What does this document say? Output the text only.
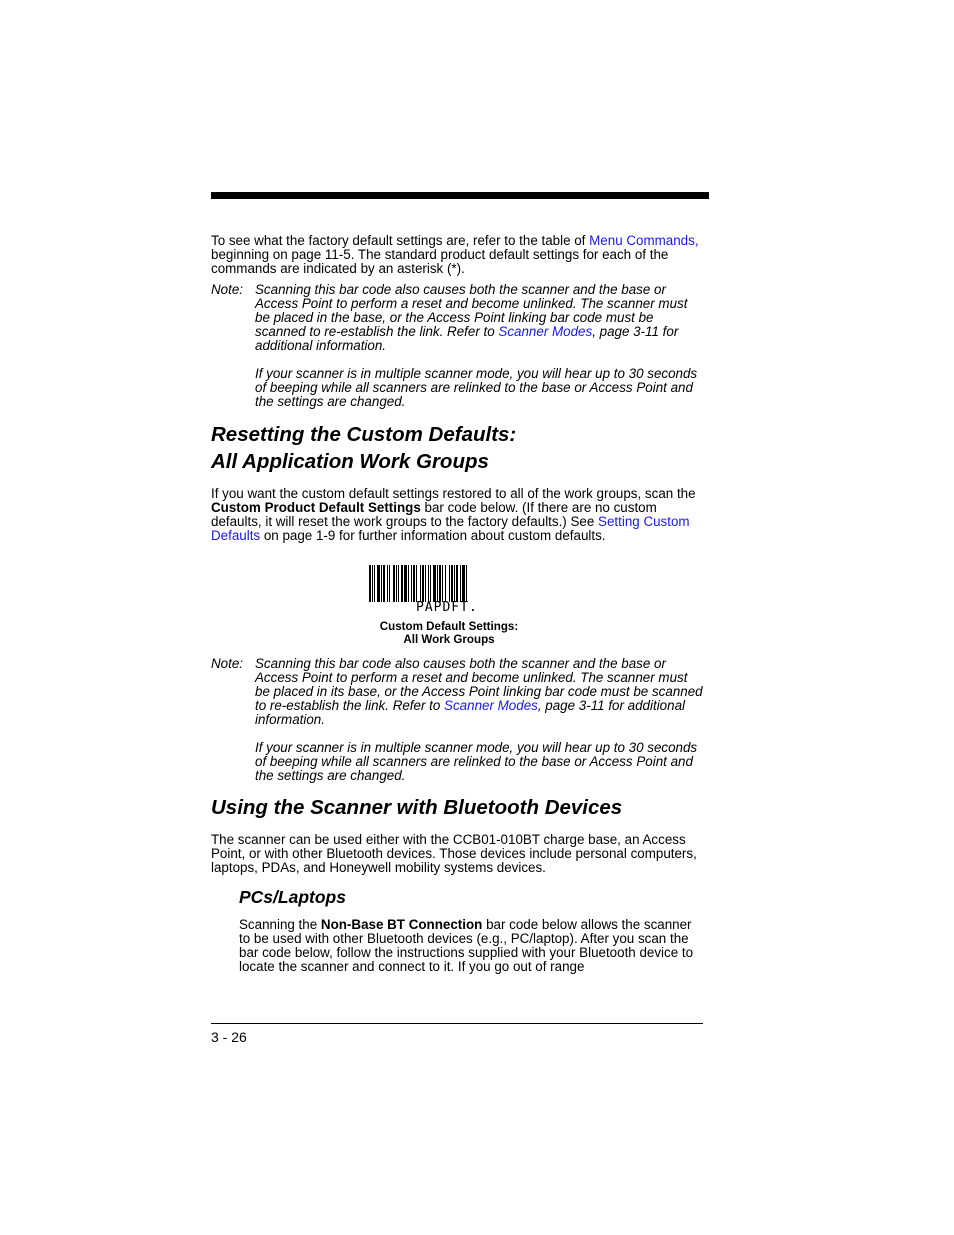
To see what the factory default settings are, refer to the table of Menu Commands, beginning on page 11-5. The standard product default settings for each of the commands are indicated by an asterisk (*).
Note: Scanning this bar code also causes both the scanner and the base or Access Point to perform a reset and become unlinked. The scanner must be placed in the base, or the Access Point linking bar code must be scanned to re-establish the link. Refer to Scanner Modes, page 3-11 for additional information.

If your scanner is in multiple scanner mode, you will hear up to 30 seconds of beeping while all scanners are relinked to the base or Access Point and the settings are changed.

Resetting the Custom Defaults:
All Application Work Groups
If you want the custom default settings restored to all of the work groups, scan the Custom Product Default Settings bar code below. (If there are no custom defaults, it will reset the work groups to the factory defaults.) See Setting Custom Defaults on page 1-9 for further information about custom defaults.
PAPDFT.
Custom Default Settings:
All Work Groups
Note: Scanning this bar code also causes both the scanner and the base or Access Point to perform a reset and become unlinked. The scanner must be placed in its base, or the Access Point linking bar code must be scanned to re-establish the link. Refer to Scanner Modes, page 3-11 for additional information.

If your scanner is in multiple scanner mode, you will hear up to 30 seconds of beeping while all scanners are relinked to the base or Access Point and the settings are changed.

Using the Scanner with Bluetooth Devices
The scanner can be used either with the CCB01-010BT charge base, an Access Point, or with other Bluetooth devices. Those devices include personal computers, laptops, PDAs, and Honeywell mobility systems devices.
PCs/Laptops
Scanning the Non-Base BT Connection bar code below allows the scanner to be used with other Bluetooth devices (e.g., PC/laptop). After you scan the bar code below, follow the instructions supplied with your Bluetooth device to locate the scanner and connect to it. If you go out of range
3 - 26
